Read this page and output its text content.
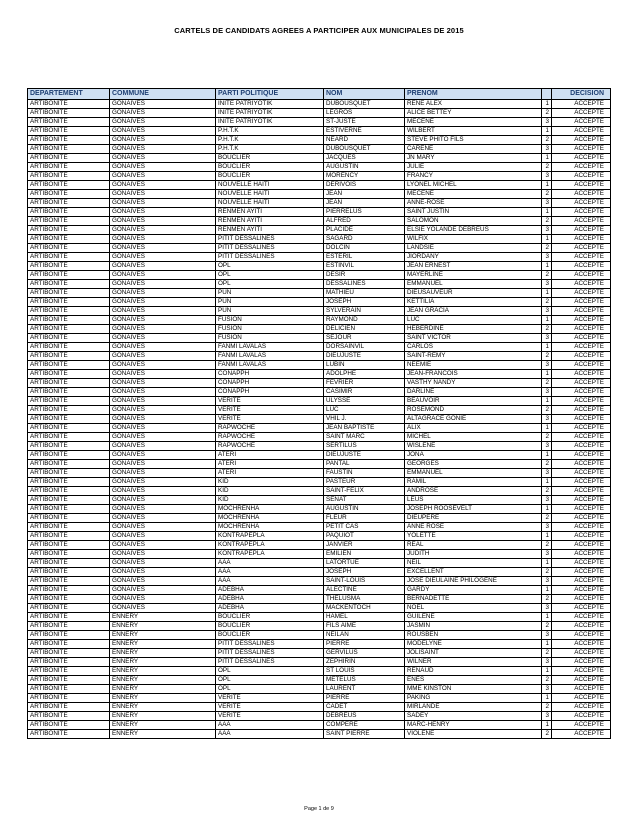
CARTELS DE CANDIDATS AGREES A PARTICIPER AUX MUNICIPALES DE 2015
DEPARTEMENT	COMMUNE	PARTI POLITIQUE	NOM	PRENOM		DECISION
ARTIBONITE	GONAIVES	INITE PATRIYOTIK	DUBOUSQUET	RENE ALEX	1	ACCEPTE
ARTIBONITE	GONAIVES	INITE PATRIYOTIK	LEGROS	ALICE BETTEY	2	ACCEPTE
ARTIBONITE	GONAIVES	INITE PATRIYOTIK	ST-JUSTE	MECENE	3	ACCEPTE
ARTIBONITE	GONAIVES	P.H.T.K	ESTIVERNE	WILBERT	1	ACCEPTE
ARTIBONITE	GONAIVES	P.H.T.K	NEARD	STEVE PHITO FILS	2	ACCEPTE
ARTIBONITE	GONAIVES	P.H.T.K	DUBOUSQUET	CARENE	3	ACCEPTE
ARTIBONITE	GONAIVES	BOUCLIER	JACQUES	JN MARY	1	ACCEPTE
ARTIBONITE	GONAIVES	BOUCLIER	AUGUSTIN	JULIE	2	ACCEPTE
ARTIBONITE	GONAIVES	BOUCLIER	MORENCY	FRANCY	3	ACCEPTE
ARTIBONITE	GONAIVES	NOUVELLE HAITI	DERIVOIS	LYONEL MICHEL	1	ACCEPTE
ARTIBONITE	GONAIVES	NOUVELLE HAITI	JEAN	MECENE	2	ACCEPTE
ARTIBONITE	GONAIVES	NOUVELLE HAITI	JEAN	ANNE-ROSE	3	ACCEPTE
ARTIBONITE	GONAIVES	RENMEN AYITI	PIERRELUS	SAINT JUSTIN	1	ACCEPTE
ARTIBONITE	GONAIVES	RENMEN AYITI	ALFRED	SALOMON	2	ACCEPTE
ARTIBONITE	GONAIVES	RENMEN AYITI	PLACIDE	ELSIE YOLANDE DEBREUS	3	ACCEPTE
ARTIBONITE	GONAIVES	PITIT DESSALINES	SAGARD	WILFIX	1	ACCEPTE
ARTIBONITE	GONAIVES	PITIT DESSALINES	DOLCIN	LANDSIE	2	ACCEPTE
ARTIBONITE	GONAIVES	PITIT DESSALINES	ESTERIL	JIORDANY	3	ACCEPTE
ARTIBONITE	GONAIVES	OPL	ESTINVIL	JEAN ERNEST	1	ACCEPTE
ARTIBONITE	GONAIVES	OPL	DESIR	MAYERLINE	2	ACCEPTE
ARTIBONITE	GONAIVES	OPL	DESSALINES	EMMANUEL	3	ACCEPTE
ARTIBONITE	GONAIVES	PUN	MATHIEU	DIEUSAUVEUR	1	ACCEPTE
ARTIBONITE	GONAIVES	PUN	JOSEPH	KETTILIA	2	ACCEPTE
ARTIBONITE	GONAIVES	PUN	SYLVERAIN	JEAN GRACIA	3	ACCEPTE
ARTIBONITE	GONAIVES	FUSION	RAYMOND	LUC	1	ACCEPTE
ARTIBONITE	GONAIVES	FUSION	DELICIEN	HEBERDINE	2	ACCEPTE
ARTIBONITE	GONAIVES	FUSION	SEJOUR	SAINT VICTOR	3	ACCEPTE
ARTIBONITE	GONAIVES	FANMI LAVALAS	DORSAINVIL	CARLOS	1	ACCEPTE
ARTIBONITE	GONAIVES	FANMI LAVALAS	DIEUJUSTE	SAINT-REMY	2	ACCEPTE
ARTIBONITE	GONAIVES	FANMI LAVALAS	LUBIN	NEEMIE	3	ACCEPTE
ARTIBONITE	GONAIVES	CONAPPH	ADOLPHE	JEAN-FRANCOIS	1	ACCEPTE
ARTIBONITE	GONAIVES	CONAPPH	FEVRIER	VASTHY NANDY	2	ACCEPTE
ARTIBONITE	GONAIVES	CONAPPH	CASIMIR	DARLINE	3	ACCEPTE
ARTIBONITE	GONAIVES	VERITE	ULYSSE	BEAUVOIR	1	ACCEPTE
ARTIBONITE	GONAIVES	VERITE	LUC	ROSEMOND	2	ACCEPTE
ARTIBONITE	GONAIVES	VERITE	VHIL J.	ALTAGRACE GONIE	3	ACCEPTE
ARTIBONITE	GONAIVES	RAPWOCHE	JEAN BAPTISTE	ALIX	1	ACCEPTE
ARTIBONITE	GONAIVES	RAPWOCHE	SAINT MARC	MICHEL	2	ACCEPTE
ARTIBONITE	GONAIVES	RAPWOCHE	SERTILUS	WISLENE	3	ACCEPTE
ARTIBONITE	GONAIVES	ATERI	DIEUJUSTE	JONA	1	ACCEPTE
ARTIBONITE	GONAIVES	ATERI	PANTAL	GEORGES	2	ACCEPTE
ARTIBONITE	GONAIVES	ATERI	FAUSTIN	EMMANUEL	3	ACCEPTE
ARTIBONITE	GONAIVES	KID	PASTEUR	RAMIL	1	ACCEPTE
ARTIBONITE	GONAIVES	KID	SAINT-FELIX	ANDROSE	2	ACCEPTE
ARTIBONITE	GONAIVES	KID	SENAT	LEUS	3	ACCEPTE
ARTIBONITE	GONAIVES	MOCHRENHA	AUGUSTIN	JOSEPH ROOSEVELT	1	ACCEPTE
ARTIBONITE	GONAIVES	MOCHRENHA	FLEUR	DIEUPERE	2	ACCEPTE
ARTIBONITE	GONAIVES	MOCHRENHA	PETIT CAS	ANNE ROSE	3	ACCEPTE
ARTIBONITE	GONAIVES	KONTRAPEPLA	PAQUIOT	YOLETTE	1	ACCEPTE
ARTIBONITE	GONAIVES	KONTRAPEPLA	JANVIER	REAL	2	ACCEPTE
ARTIBONITE	GONAIVES	KONTRAPEPLA	EMILIEN	JUDITH	3	ACCEPTE
ARTIBONITE	GONAIVES	AAA	LATORTUE	NEIL	1	ACCEPTE
ARTIBONITE	GONAIVES	AAA	JOSEPH	EXCELLENT	2	ACCEPTE
ARTIBONITE	GONAIVES	AAA	SAINT-LOUIS	JOSE DIEULAINE PHILOGÈNE	3	ACCEPTE
ARTIBONITE	GONAIVES	ADEBHA	ALECTINE	GARDY	1	ACCEPTE
ARTIBONITE	GONAIVES	ADEBHA	THELUSMA	BERNADETTE	2	ACCEPTE
ARTIBONITE	GONAIVES	ADEBHA	MACKENTOCH	NOEL	3	ACCEPTE
ARTIBONITE	ENNERY	BOUCLIER	HAMEL	GUILENE	1	ACCEPTE
ARTIBONITE	ENNERY	BOUCLIER	FILS AIME	JASMIN	2	ACCEPTE
ARTIBONITE	ENNERY	BOUCLIER	NEILAN	ROUSBEN	3	ACCEPTE
ARTIBONITE	ENNERY	PITIT DESSALINES	PIERRE	MODELYNE	1	ACCEPTE
ARTIBONITE	ENNERY	PITIT DESSALINES	GERVILUS	JOLISAINT	2	ACCEPTE
ARTIBONITE	ENNERY	PITIT DESSALINES	ZEPHIRIN	WILNER	3	ACCEPTE
ARTIBONITE	ENNERY	OPL	ST LOUIS	RENAUD	1	ACCEPTE
ARTIBONITE	ENNERY	OPL	METELUS	ENÈS	2	ACCEPTE
ARTIBONITE	ENNERY	OPL	LAURENT	MME KINSTON	3	ACCEPTE
ARTIBONITE	ENNERY	VERITE	PIERRE	PAKING	1	ACCEPTE
ARTIBONITE	ENNERY	VERITE	CADET	MIRLANDE	2	ACCEPTE
ARTIBONITE	ENNERY	VERITE	DEBREUS	SADEY	3	ACCEPTE
ARTIBONITE	ENNERY	AAA	COMPERE	MARC-HENRY	1	ACCEPTE
ARTIBONITE	ENNERY	AAA	SAINT PIERRE	VIOLENE	2	ACCEPTE
Page 1 de 9
